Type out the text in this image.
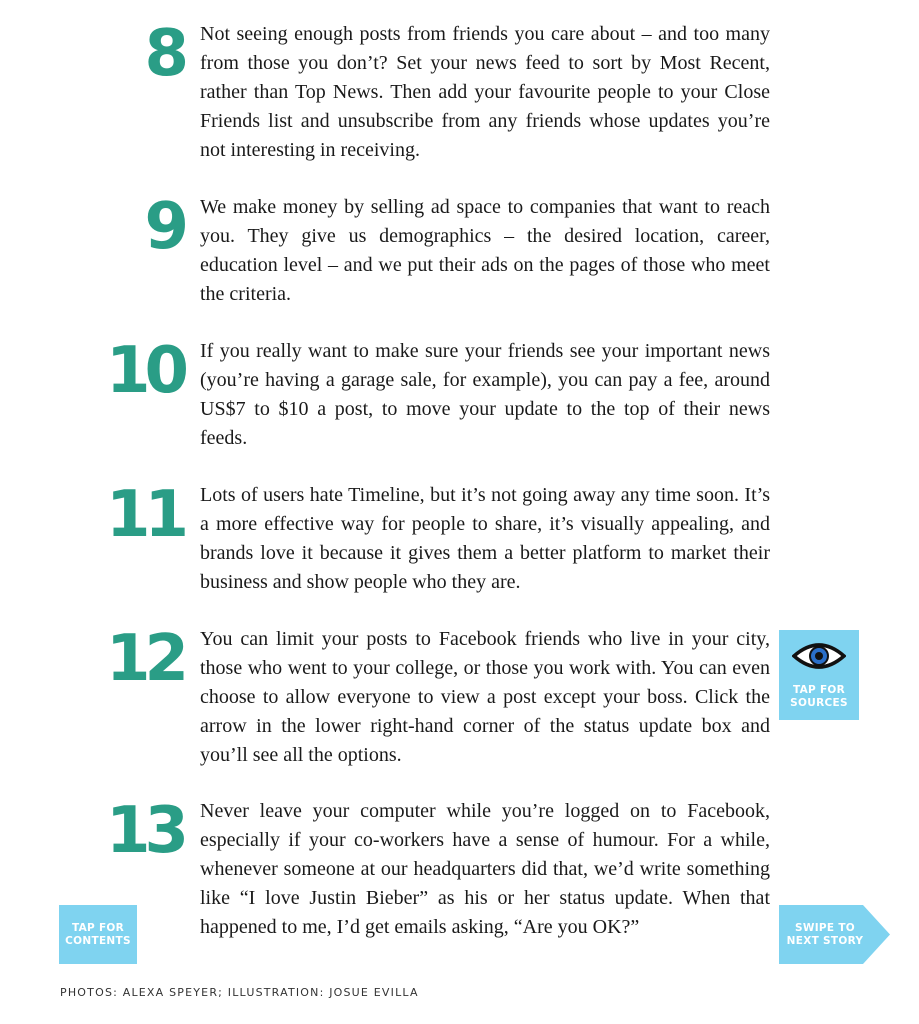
8 Not seeing enough posts from friends you care about – and too many from those you don’t? Set your news feed to sort by Most Recent, rather than Top News. Then add your favourite people to your Close Friends list and unsubscribe from any friends whose updates you’re not interesting in receiving.

9 We make money by selling ad space to companies that want to reach you. They give us demographics – the desired location, career, education level – and we put their ads on the pages of those who meet the criteria.

10 If you really want to make sure your friends see your important news (you’re having a garage sale, for example), you can pay a fee, around US$7 to $10 a post, to move your update to the top of their news feeds.

11 Lots of users hate Timeline, but it’s not going away any time soon. It’s a more effective way for people to share, it’s visually appealing, and brands love it because it gives them a better platform to market their business and show people who they are.

12 You can limit your posts to Facebook friends who live in your city, those who went to your college, or those you work with. You can even choose to allow everyone to view a post except your boss. Click the arrow in the lower right-hand corner of the status update box and you’ll see all the options.

13 Never leave your computer while you’re logged on to Facebook, especially if your co-workers have a sense of humour. For a while, whenever someone at our headquarters did that, we’d write something like “I love Justin Bieber” as his or her status update. When that happened to me, I’d get emails asking, “Are you OK?”

TAP FOR
SOURCES
TAP FOR
CONTENTS
SWIPE TO
NEXT STORY
PHOTOS: ALEXA SPEYER; ILLUSTRATION: JOSUE EVILLA
